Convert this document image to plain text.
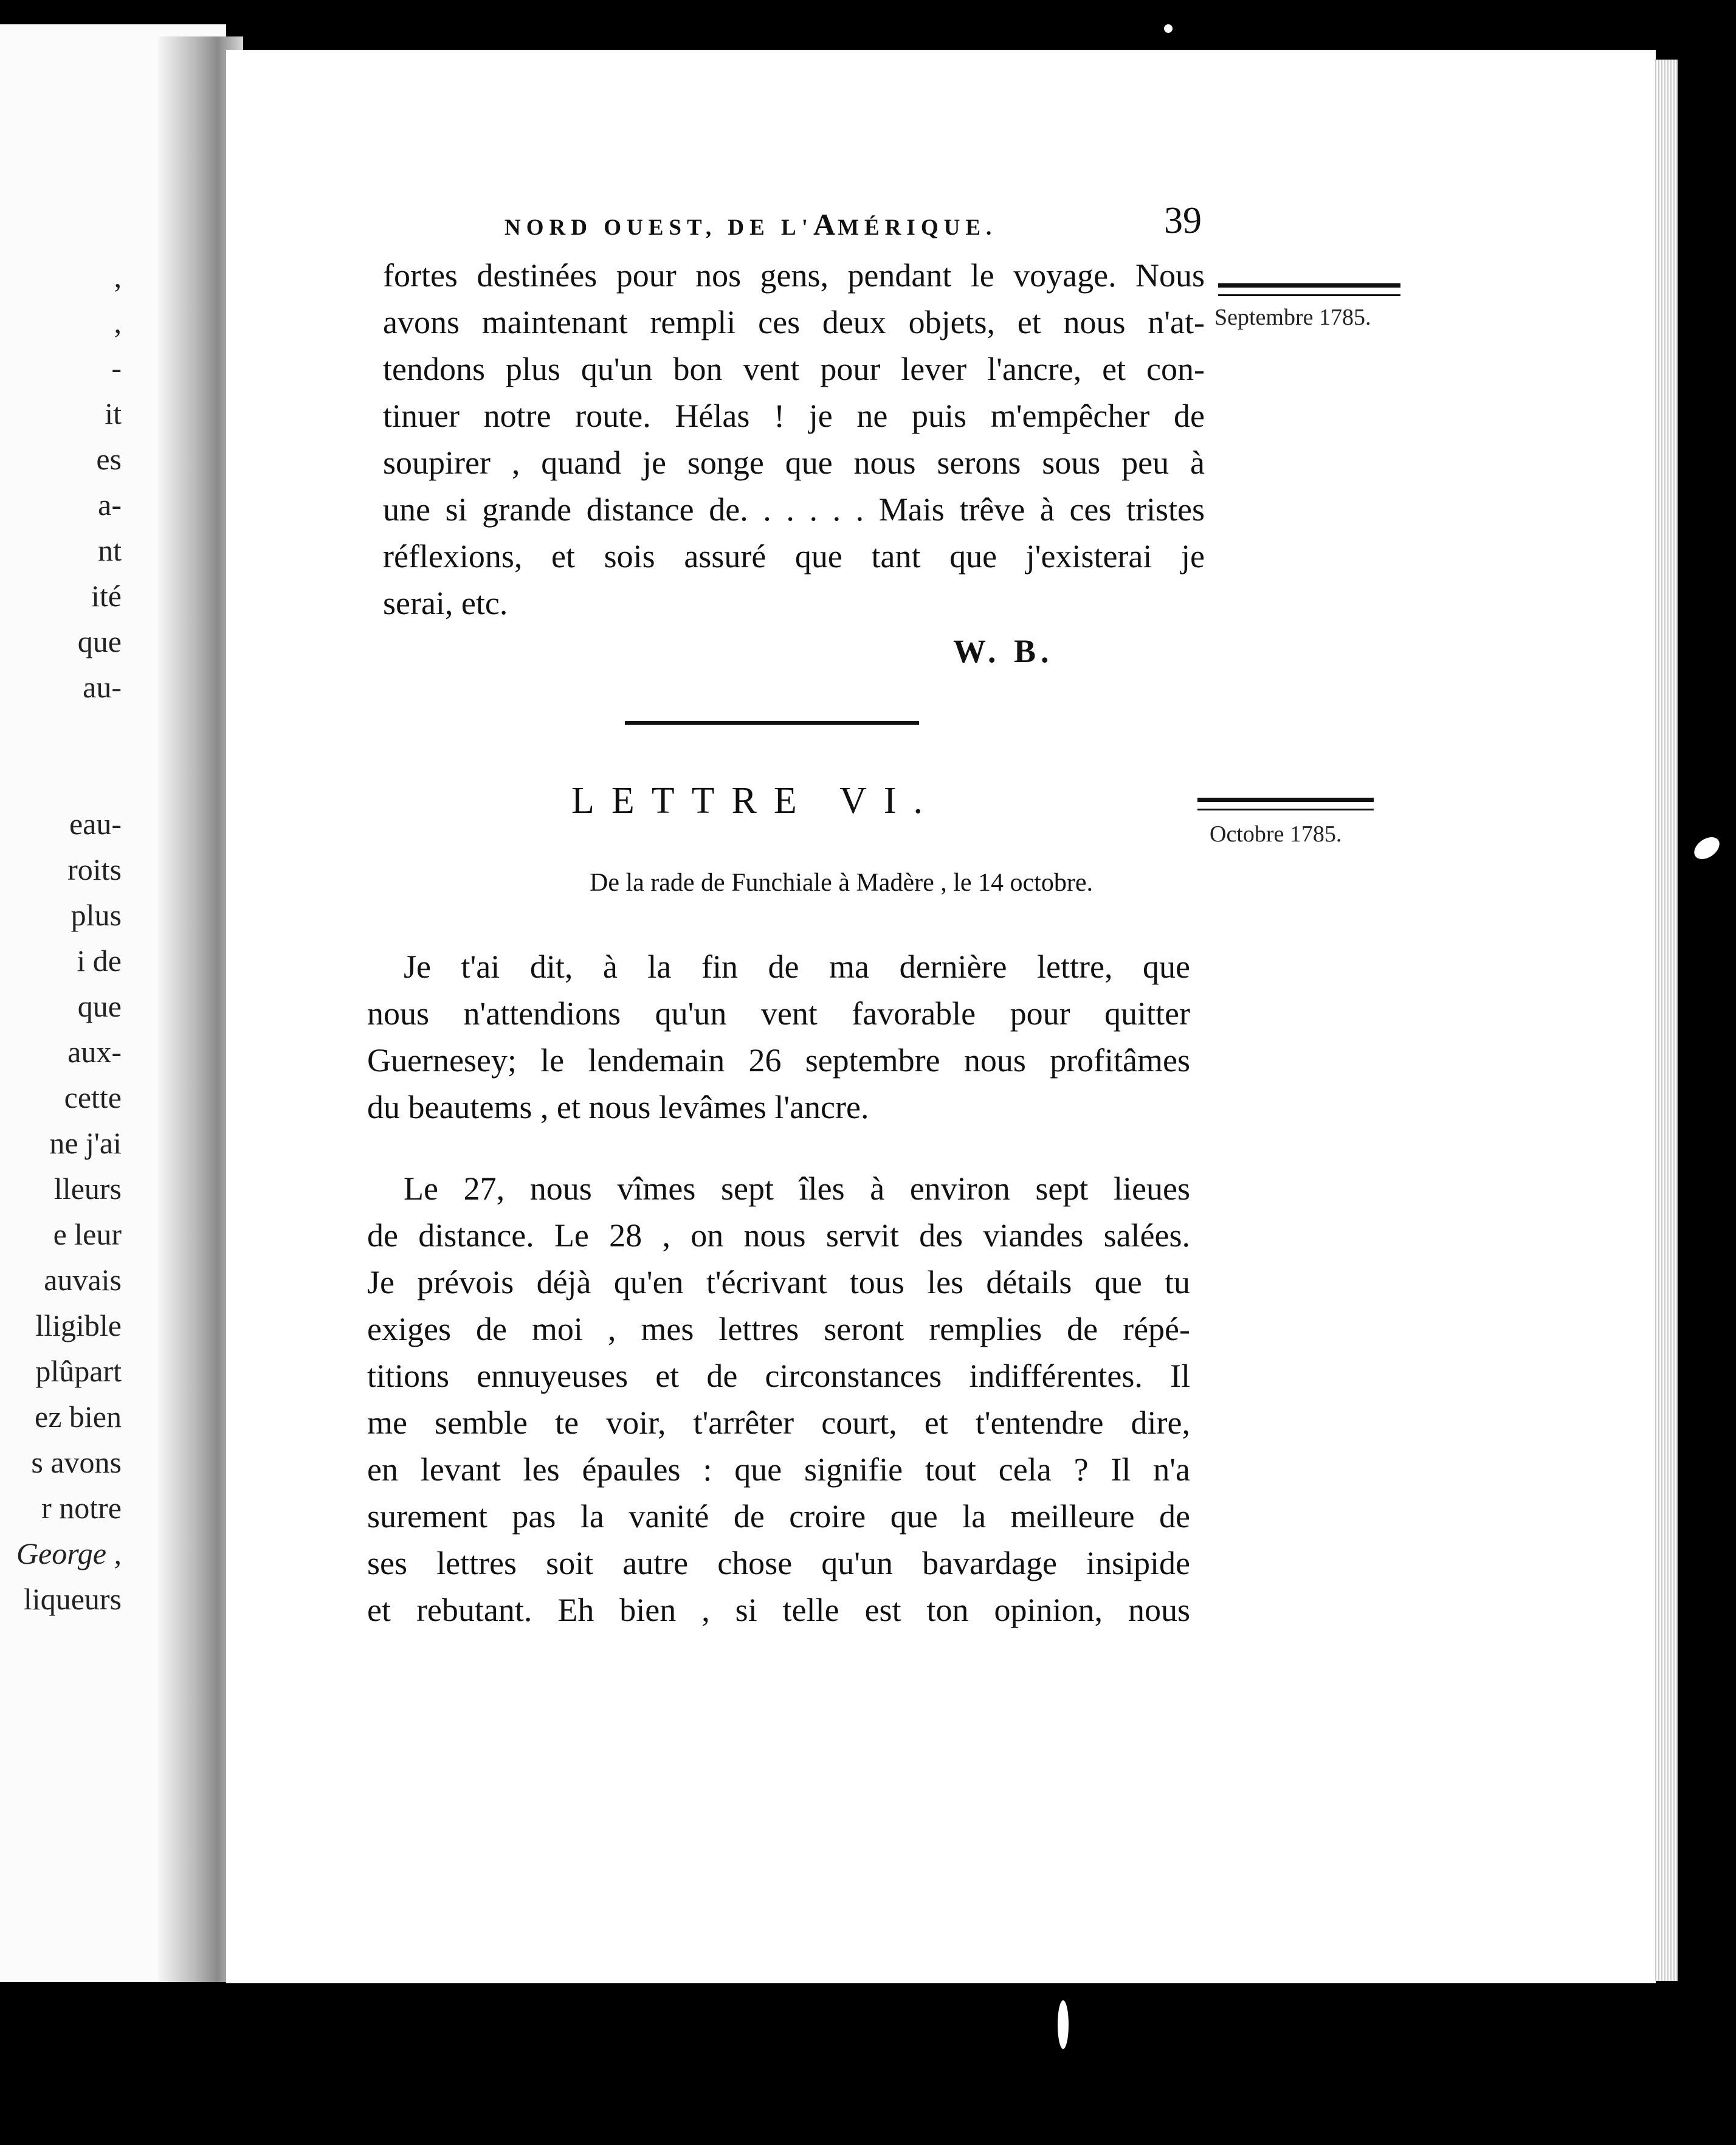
,
,
-
it
es
a-
nt
ité
que
au-
eau-
roits
plus
i de
que
aux-
cette
ne j'ai
lleurs
e leur
auvais
lligible
plûpart
ez bien
s avons
r notre
George ,
liqueurs
NORD OUEST, DE L'AMÉRIQUE.	39
fortes destinées pour nos gens, pendant le voyage. Nous
avons maintenant rempli ces deux objets, et nous n'at-
tendons plus qu'un bon vent pour lever l'ancre, et con-
tinuer notre route. Hélas ! je ne puis m'empêcher de
soupirer , quand je songe que nous serons sous peu à
une si grande distance de. . . . . . Mais trêve à ces tristes
réflexions, et sois assuré que tant que j'existerai je
serai, etc.
W. B.
LETTRE VI.
De la rade de Funchiale à Madère , le 14 octobre.
Je t'ai dit, à la fin de ma dernière lettre, que
nous n'attendions qu'un vent favorable pour quitter
Guernesey; le lendemain 26 septembre nous profitâmes
du beautems , et nous levâmes l'ancre.
Le 27, nous vîmes sept îles à environ sept lieues
de distance. Le 28 , on nous servit des viandes salées.
Je prévois déjà qu'en t'écrivant tous les détails que tu
exiges de moi , mes lettres seront remplies de répé-
titions ennuyeuses et de circonstances indifférentes. Il
me semble te voir, t'arrêter court, et t'entendre dire,
en levant les épaules : que signifie tout cela ? Il n'a
surement pas la vanité de croire que la meilleure de
ses lettres soit autre chose qu'un bavardage insipide
et rebutant. Eh bien , si telle est ton opinion, nous
Septembre 1785.
Octobre 1785.
